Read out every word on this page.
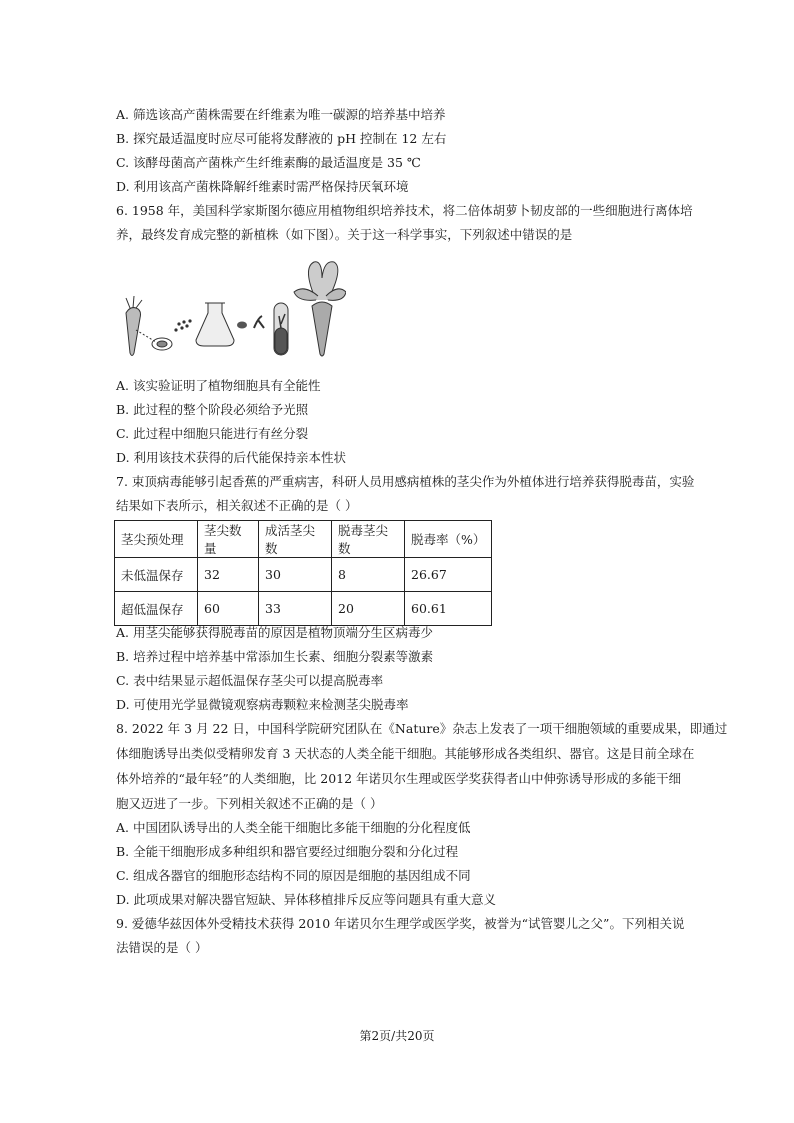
A. 筛选该高产菌株需要在纤维素为唯一碳源的培养基中培养
B. 探究最适温度时应尽可能将发酵液的 pH 控制在 12 左右
C. 该酵母菌高产菌株产生纤维素酶的最适温度是 35 ℃
D. 利用该高产菌株降解纤维素时需严格保持厌氧环境
6. 1958 年，美国科学家斯图尔德应用植物组织培养技术，将二倍体胡萝卜韧皮部的一些细胞进行离体培
养，最终发育成完整的新植株（如下图）。关于这一科学事实，下列叙述中错误的是
A. 该实验证明了植物细胞具有全能性
B. 此过程的整个阶段必须给予光照
C. 此过程中细胞只能进行有丝分裂
D. 利用该技术获得的后代能保持亲本性状
7. 束顶病毒能够引起香蕉的严重病害，科研人员用感病植株的茎尖作为外植体进行培养获得脱毒苗，实验
结果如下表所示，相关叙述不正确的是（ ）
茎尖预处理	茎尖数量	成活茎尖数	脱毒茎尖数	脱毒率（%）
未低温保存	32	30	8	26.67
超低温保存	60	33	20	60.61
A. 用茎尖能够获得脱毒苗的原因是植物顶端分生区病毒少
B. 培养过程中培养基中常添加生长素、细胞分裂素等激素
C. 表中结果显示超低温保存茎尖可以提高脱毒率
D. 可使用光学显微镜观察病毒颗粒来检测茎尖脱毒率
8. 2022 年 3 月 22 日，中国科学院研究团队在《Nature》杂志上发表了一项干细胞领域的重要成果，即通过
体细胞诱导出类似受精卵发育 3 天状态的人类全能干细胞。其能够形成各类组织、器官。这是目前全球在
体外培养的“最年轻”的人类细胞，比 2012 年诺贝尔生理或医学奖获得者山中伸弥诱导形成的多能干细
胞又迈进了一步。下列相关叙述不正确的是（ ）
A. 中国团队诱导出的人类全能干细胞比多能干细胞的分化程度低
B. 全能干细胞形成多种组织和器官要经过细胞分裂和分化过程
C. 组成各器官的细胞形态结构不同的原因是细胞的基因组成不同
D. 此项成果对解决器官短缺、异体移植排斥反应等问题具有重大意义
9. 爱德华兹因体外受精技术获得 2010 年诺贝尔生理学或医学奖，被誉为“试管婴儿之父”。下列相关说
法错误的是（ ）
第2页/共20页
